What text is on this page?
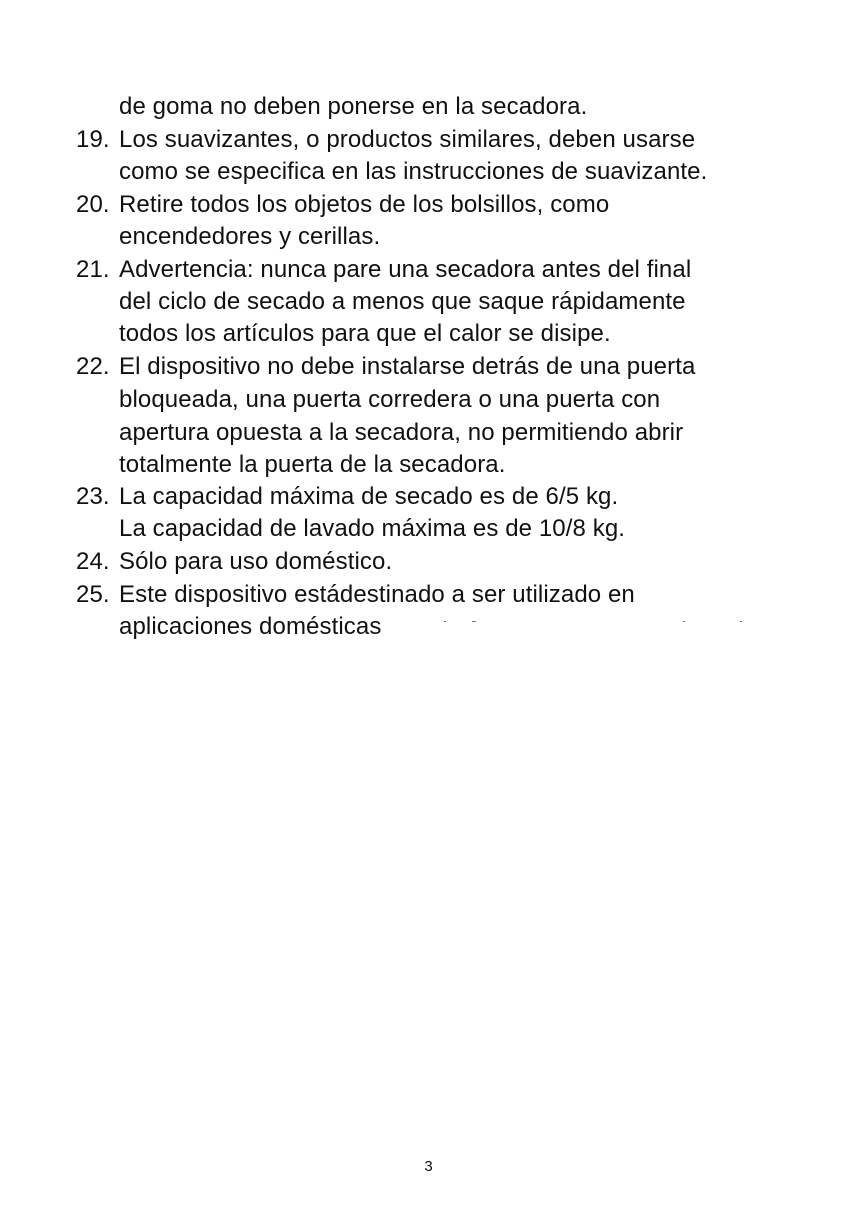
de goma no deben ponerse en la secadora.
19. Los suavizantes, o productos similares, deben usarse
como se especifica en las instrucciones de suavizante.
20. Retire todos los objetos de los bolsillos, como
encendedores y cerillas.
21. Advertencia: nunca pare una secadora antes del final
del ciclo de secado a menos que saque rápidamente
todos los artículos para que el calor se disipe.
22. El dispositivo no debe instalarse detrás de una puerta
bloqueada, una puerta corredera o una puerta con
apertura opuesta a la secadora, no permitiendo abrir
totalmente la puerta de la secadora.
23. La capacidad máxima de secado es de 6/5 kg.
La capacidad de lavado máxima es de 10/8 kg.
24. Sólo para uso doméstico.
25. Este dispositivo estádestinado a ser utilizado en
aplicaciones domésticas
3
